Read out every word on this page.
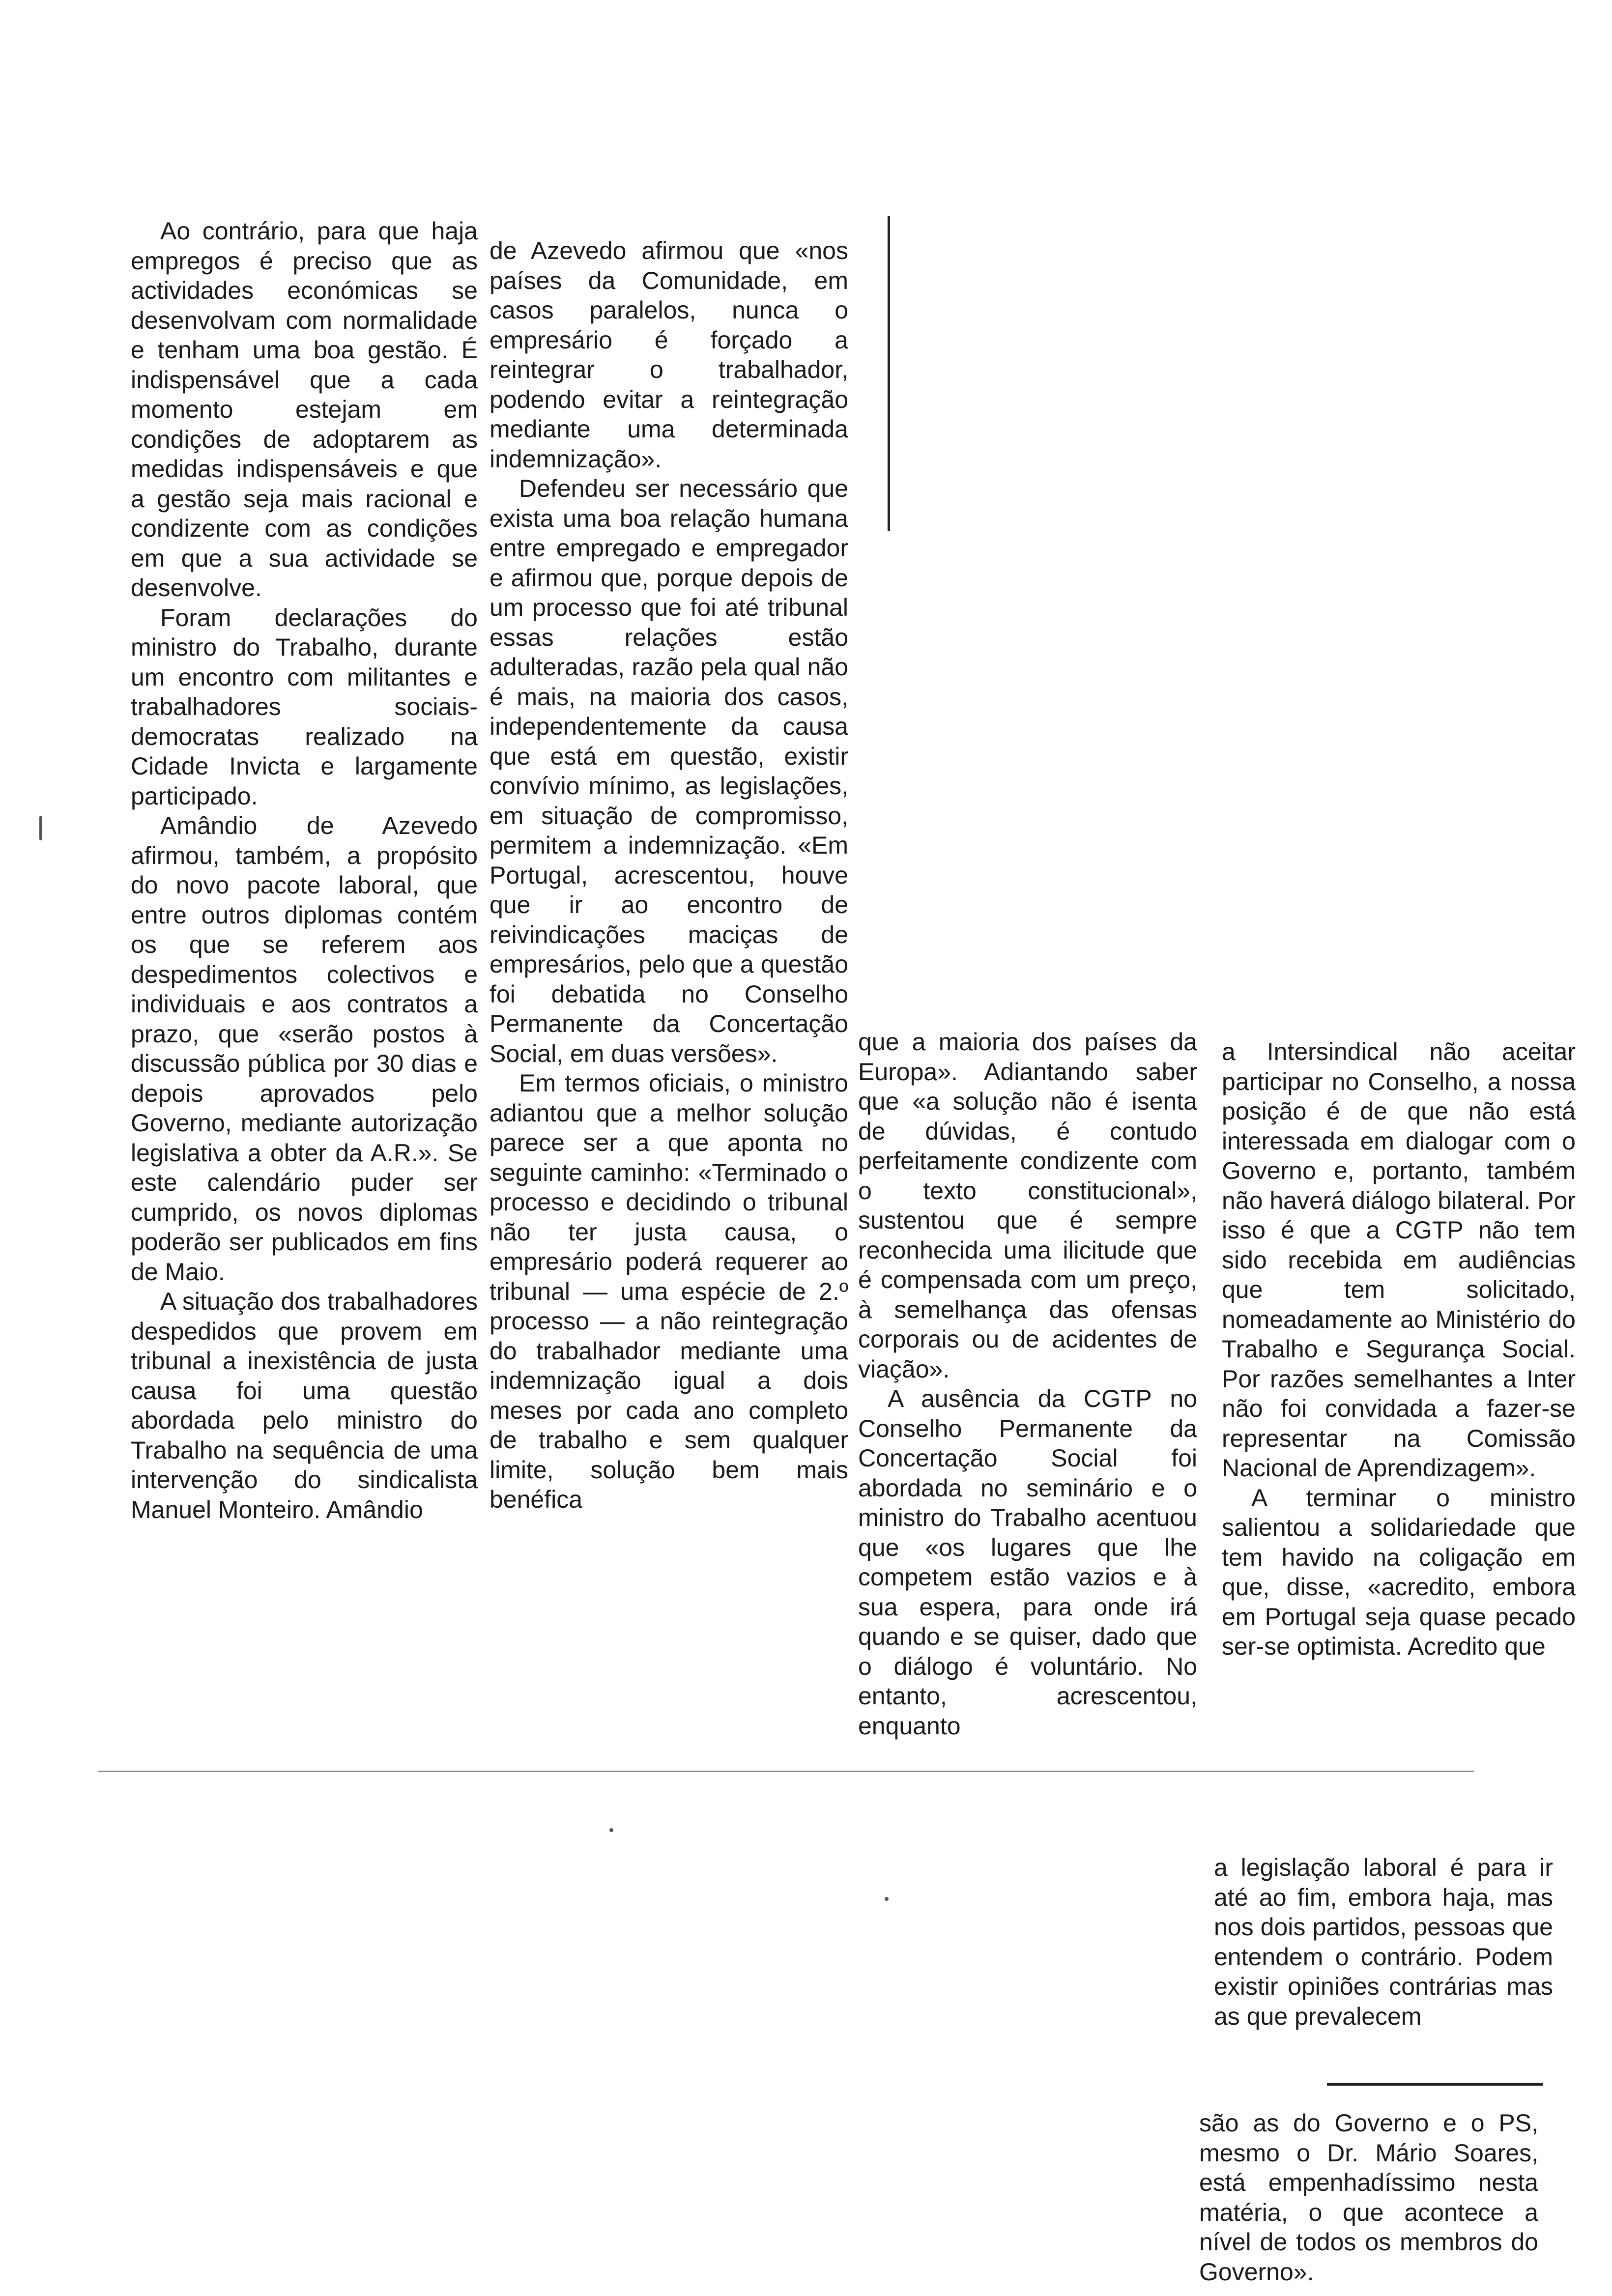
Ao contrário, para que haja empregos é preciso que as actividades económicas se desenvolvam com normalidade e tenham uma boa gestão. É indispensável que a cada momento estejam em condições de adoptarem as medidas indispensáveis e que a gestão seja mais racional e condizente com as condições em que a sua actividade se desenvolve.

Foram declarações do ministro do Trabalho, durante um encontro com militantes e trabalhadores sociais-democratas realizado na Cidade Invicta e largamente participado.

Amândio de Azevedo afirmou, também, a propósito do novo pacote laboral, que entre outros diplomas contém os que se referem aos despedimentos colectivos e individuais e aos contratos a prazo, que «serão postos à discussão pública por 30 dias e depois aprovados pelo Governo, mediante autorização legislativa a obter da A.R.». Se este calendário puder ser cumprido, os novos diplomas poderão ser publicados em fins de Maio.

A situação dos trabalhadores despedidos que provem em tribunal a inexistência de justa causa foi uma questão abordada pelo ministro do Trabalho na sequência de uma intervenção do sindicalista Manuel Monteiro. Amândio

de Azevedo afirmou que «nos países da Comunidade, em casos paralelos, nunca o empresário é forçado a reintegrar o trabalhador, podendo evitar a reintegração mediante uma determinada indemnização».

Defendeu ser necessário que exista uma boa relação humana entre empregado e empregador e afirmou que, porque depois de um processo que foi até tribunal essas relações estão adulteradas, razão pela qual não é mais, na maioria dos casos, independentemente da causa que está em questão, existir convívio mínimo, as legislações, em situação de compromisso, permitem a indemnização. «Em Portugal, acrescentou, houve que ir ao encontro de reivindicações maciças de empresários, pelo que a questão foi debatida no Conselho Permanente da Concertação Social, em duas versões».

Em termos oficiais, o ministro adiantou que a melhor solução parece ser a que aponta no seguinte caminho: «Terminado o processo e decidindo o tribunal não ter justa causa, o empresário poderá requerer ao tribunal — uma espécie de 2.º processo — a não reintegração do trabalhador mediante uma indemnização igual a dois meses por cada ano completo de trabalho e sem qualquer limite, solução bem mais benéfica

que a maioria dos países da Europa». Adiantando saber que «a solução não é isenta de dúvidas, é contudo perfeitamente condizente com o texto constitucional», sustentou que é sempre reconhecida uma ilicitude que é compensada com um preço, à semelhança das ofensas corporais ou de acidentes de viação».

A ausência da CGTP no Conselho Permanente da Concertação Social foi abordada no seminário e o ministro do Trabalho acentuou que «os lugares que lhe competem estão vazios e à sua espera, para onde irá quando e se quiser, dado que o diálogo é voluntário. No entanto, acrescentou, enquanto

a Intersindical não aceitar participar no Conselho, a nossa posição é de que não está interessada em dialogar com o Governo e, portanto, também não haverá diálogo bilateral. Por isso é que a CGTP não tem sido recebida em audiências que tem solicitado, nomeadamente ao Ministério do Trabalho e Segurança Social. Por razões semelhantes a Inter não foi convidada a fazer-se representar na Comissão Nacional de Aprendizagem».

A terminar o ministro salientou a solidariedade que tem havido na coligação em que, disse, «acredito, embora em Portugal seja quase pecado ser-se optimista. Acredito que

a legislação laboral é para ir até ao fim, embora haja, mas nos dois partidos, pessoas que entendem o contrário. Podem existir opiniões contrárias mas as que prevalecem

são as do Governo e o PS, mesmo o Dr. Mário Soares, está empenhadíssimo nesta matéria, o que acontece a nível de todos os membros do Governo».
